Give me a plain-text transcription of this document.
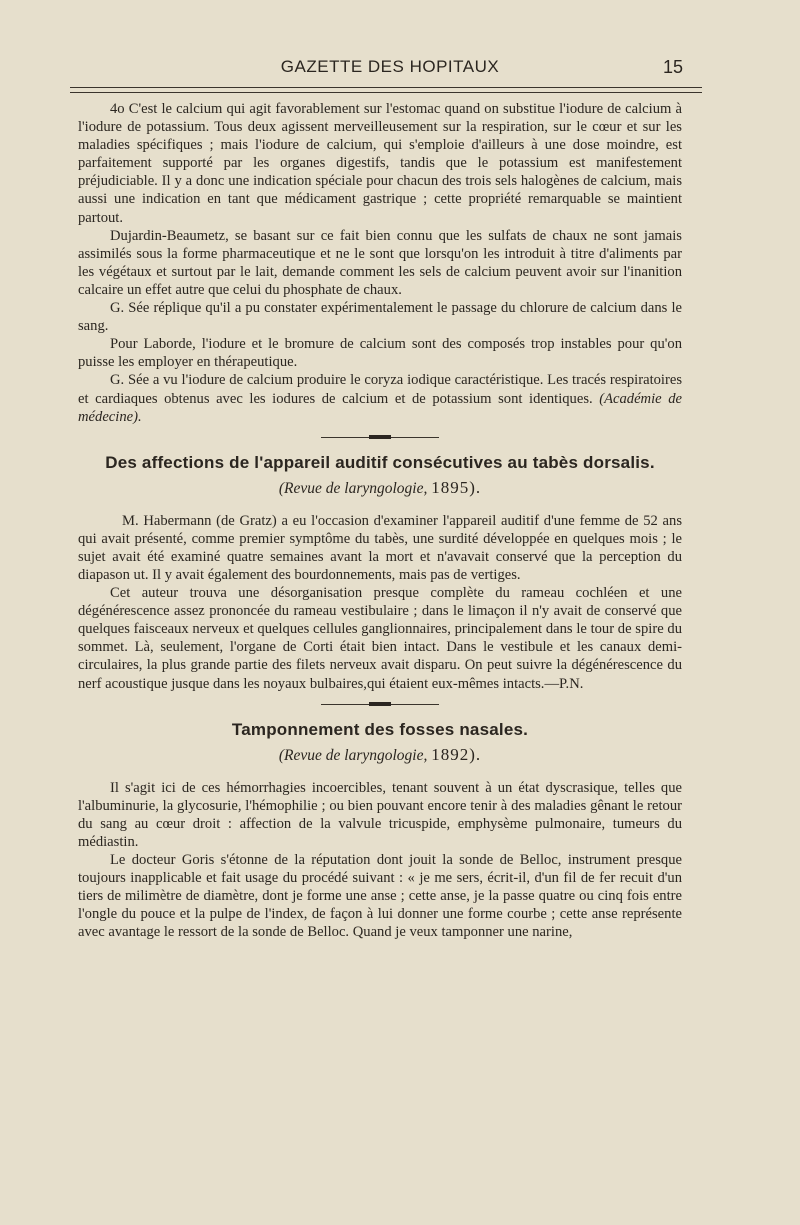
GAZETTE DES HOPITAUX	15

4o C'est le calcium qui agit favorablement sur l'estomac quand on substitue l'iodure de calcium à l'iodure de potassium. Tous deux agissent merveilleusement sur la respiration, sur le cœur et sur les maladies spécifiques ; mais l'iodure de calcium, qui s'emploie d'ailleurs à une dose moindre, est parfaitement supporté par les organes digestifs, tandis que le potassium est manifestement préjudiciable. Il y a donc une indication spéciale pour chacun des trois sels halogènes de calcium, mais aussi une indication en tant que médicament gastrique ; cette propriété remarquable se maintient partout.

Dujardin-Beaumetz, se basant sur ce fait bien connu que les sulfats de chaux ne sont jamais assimilés sous la forme pharmaceutique et ne le sont que lorsqu'on les introduit à titre d'aliments par les végétaux et surtout par le lait, demande comment les sels de calcium peuvent avoir sur l'inanition calcaire un effet autre que celui du phosphate de chaux.

G. Sée réplique qu'il a pu constater expérimentalement le passage du chlorure de calcium dans le sang.

Pour Laborde, l'iodure et le bromure de calcium sont des composés trop instables pour qu'on puisse les employer en thérapeutique.

G. Sée a vu l'iodure de calcium produire le coryza iodique caractéristique. Les tracés respiratoires et cardiaques obtenus avec les iodures de calcium et de potassium sont identiques. (Académie de médecine).

Des affections de l'appareil auditif consécutives au tabès dorsalis.
(Revue de laryngologie, 1895).

M. Habermann (de Gratz) a eu l'occasion d'examiner l'appareil auditif d'une femme de 52 ans qui avait présenté, comme premier symptôme du tabès, une surdité développée en quelques mois ; le sujet avait été examiné quatre semaines avant la mort et n'avavait conservé que la perception du diapason ut. Il y avait également des bourdonnements, mais pas de vertiges.

Cet auteur trouva une désorganisation presque complète du rameau cochléen et une dégénérescence assez prononcée du rameau vestibulaire ; dans le limaçon il n'y avait de conservé que quelques faisceaux nerveux et quelques cellules ganglionnaires, principalement dans le tour de spire du sommet. Là, seulement, l'organe de Corti était bien intact. Dans le vestibule et les canaux demi-circulaires, la plus grande partie des filets nerveux avait disparu. On peut suivre la dégénérescence du nerf acoustique jusque dans les noyaux bulbaires,qui étaient eux-mêmes intacts.—P.N.

Tamponnement des fosses nasales.
(Revue de laryngologie, 1892).

Il s'agit ici de ces hémorrhagies incoercibles, tenant souvent à un état dyscrasique, telles que l'albuminurie, la glycosurie, l'hémophilie ; ou bien pouvant encore tenir à des maladies gênant le retour du sang au cœur droit : affection de la valvule tricuspide, emphysème pulmonaire, tumeurs du médiastin.

Le docteur Goris s'étonne de la réputation dont jouit la sonde de Belloc, instrument presque toujours inapplicable et fait usage du procédé suivant : « je me sers, écrit-il, d'un fil de fer recuit d'un tiers de milimètre de diamètre, dont je forme une anse ; cette anse, je la passe quatre ou cinq fois entre l'ongle du pouce et la pulpe de l'index, de façon à lui donner une forme courbe ; cette anse représente avec avantage le ressort de la sonde de Belloc. Quand je veux tamponner une narine,
